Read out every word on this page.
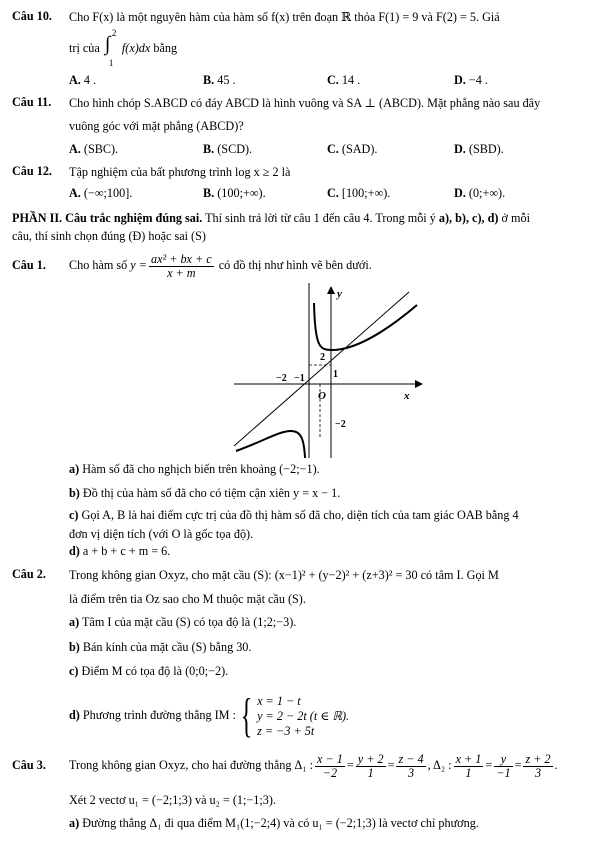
Câu 10. Cho F(x) là một nguyên hàm của hàm số f(x) trên đoạn ℝ thỏa F(1) = 9 và F(2) = 5. Giá
trị của ∫ 2
1
f(x)dx bằng
A. 4 .	B. 45 .	C. 14 .	D. −4 .
Câu 11. Cho hình chóp S.ABCD có đáy ABCD là hình vuông và SA ⊥ (ABCD). Mặt phẳng nào sau đây
vuông góc với mặt phẳng (ABCD)?
A. (SBC).	B. (SCD).	C. (SAD).	D. (SBD).
Câu 12. Tập nghiệm của bất phương trình log x ≥ 2 là
A. (−∞;100].	B. (100;+∞).	C. [100;+∞).	D. (0;+∞).
PHẦN II. Câu trắc nghiệm đúng sai. Thí sinh trả lời từ câu 1 đến câu 4. Trong mỗi ý a), b), c), d) ở mỗi
câu, thí sinh chọn đúng (Đ) hoặc sai (S)
Câu 1. Cho hàm số $y = \frac{\text{ax² + bx + c}}{x + m}$ có đồ thị như hình vẽ bên dưới.
y
x
O
2
1
−2 −1
−2
a) Hàm số đã cho nghịch biến trên khoảng (−2;−1).
b) Đồ thị của hàm số đã cho có tiệm cận xiên y = x − 1.
c) Gọi A, B là hai điểm cực trị của đồ thị hàm số đã cho, diện tích của tam giác OAB bằng 4
đơn vị diện tích (với O là gốc tọa độ).
d) a + b + c + m = 6.
Câu 2. Trong không gian Oxyz, cho mặt cầu (S): (x−1)² + (y−2)² + (z+3)² = 30 có tâm I. Gọi M
là điểm trên tia Oz sao cho M thuộc mặt cầu (S).
a) Tâm I của mặt cầu (S) có tọa độ là (1;2;−3).
b) Bán kính của mặt cầu (S) bằng 30.
c) Điểm M có tọa độ là (0;0;−2).
d) Phương trình đường thẳng IM : { x = 1 − t
y = 2 − 2t (t ∈ ℝ).
z = −3 + 5t
Câu 3. Trong không gian Oxyz, cho hai đường thẳng Δ₁ : $\frac{x - 1}{-2} = \frac{y + 2}{1} = \frac{z - 4}{3}$ , Δ₂ : $\frac{x + 1}{1} = \frac{y}{-1} = \frac{z + 2}{3}$ .
Xét 2 vectơ u₁ = (−2;1;3) và u₂ = (1;−1;3).
a) Đường thẳng Δ₁ đi qua điểm M₁(1;−2;4) và có u₁ = (−2;1;3) là vectơ chỉ phương.
